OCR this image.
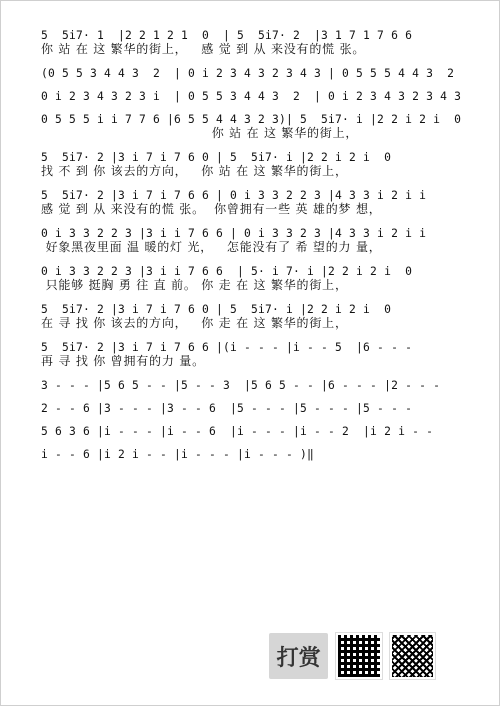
5  5i7· 1  |2 2 1 2 1  0  | 5  5i7· 2  |3 1 7 1 7 6 6
你 站 在 这 繁华的街上，   感 觉 到 从 来没有的慌 张。
(0 5 5 3 4 4 3  2  | 0 i 2 3 4 3 2 3 4 3 | 0 5 5 5 4 4 3  2
0 i 2 3 4 3 2 3 i  | 0 5 5 3 4 4 3  2  | 0 i 2 3 4 3 2 3 4 3
0 5 5 5 i i 7 7 6 |6 5 5 4 4 3 2 3)| 5  5i7· i |2 2 i 2 i  0
你 站 在 这 繁华的街上，
5  5i7· 2 |3 i 7 i 7 6 0 | 5  5i7· i |2 2 i 2 i  0
找 不 到 你 该去的方向，   你 站 在 这 繁华的街上，
5  5i7· 2 |3 i 7 i 7 6 6 | 0 i 3 3 2 2 3 |4 3 3 i 2 i i
感 觉 到 从 来没有的慌 张。  你曾拥有一些 英 雄的梦 想，
0 i 3 3 2 2 3 |3 i i 7 6 6 | 0 i 3 3 2 3 |4 3 3 i 2 i i
好象黑夜里面 温 暖的灯 光，   怎能没有了 希 望的力 量，
0 i 3 3 2 2 3 |3 i i 7 6 6  | 5· i 7· i |2 2 i 2 i  0
只能够 挺胸 勇 往 直 前。 你 走 在 这 繁华的街上，
5  5i7· 2 |3 i 7 i 7 6 0 | 5  5i7· i |2 2 i 2 i  0
在 寻 找 你 该去的方向，   你 走 在 这 繁华的街上，
5  5i7· 2 |3 i 7 i 7 6 6 |(i - - - |i - - 5  |6 - - -
再 寻 找 你 曾拥有的力 量。
3 - - - |5 6 5 - - |5 - - 3  |5 6 5 - - |6 - - - |2 - - -
2 - - 6 |3 - - - |3 - - 6  |5 - - - |5 - - - |5 - - -
5 6 3 6 |i - - - |i - - 6  |i - - - |i - - 2  |i 2 i - -
i - - 6 |i 2 i - - |i - - - |i - - - )‖
打赏
